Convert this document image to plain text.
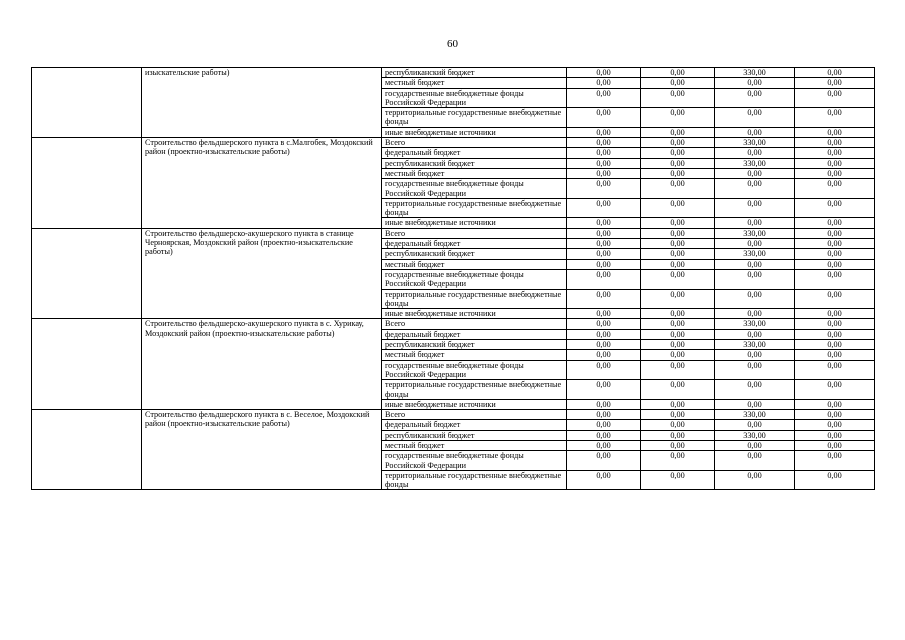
60
	изыскательские работы)	республиканский бюджет	0,00	0,00	330,00	0,00
		местный бюджет	0,00	0,00	0,00	0,00
		государственные внебюджетные фонды Российской Федерации	0,00	0,00	0,00	0,00
		территориальные государственные внебюджетные фонды	0,00	0,00	0,00	0,00
		иные внебюджетные источники	0,00	0,00	0,00	0,00
	Строительство фельдшерского пункта в с.Малгобек, Моздокский район (проектно-изыскательские работы)	Всего	0,00	0,00	330,00	0,00
		федеральный бюджет	0,00	0,00	0,00	0,00
		республиканский бюджет	0,00	0,00	330,00	0,00
		местный бюджет	0,00	0,00	0,00	0,00
		государственные внебюджетные фонды Российской Федерации	0,00	0,00	0,00	0,00
		территориальные государственные внебюджетные фонды	0,00	0,00	0,00	0,00
		иные внебюджетные источники	0,00	0,00	0,00	0,00
	Строительство фельдшерско-акушерского пункта в станице Черноярская, Моздокский район (проектно-изыскательские работы)	Всего	0,00	0,00	330,00	0,00
		федеральный бюджет	0,00	0,00	0,00	0,00
		республиканский бюджет	0,00	0,00	330,00	0,00
		местный бюджет	0,00	0,00	0,00	0,00
		государственные внебюджетные фонды Российской Федерации	0,00	0,00	0,00	0,00
		территориальные государственные внебюджетные фонды	0,00	0,00	0,00	0,00
		иные внебюджетные источники	0,00	0,00	0,00	0,00
	Строительство фельдшерско-акушерского пункта в с. Хурикау, Моздокский район (проектно-изыскательские работы)	Всего	0,00	0,00	330,00	0,00
		федеральный бюджет	0,00	0,00	0,00	0,00
		республиканский бюджет	0,00	0,00	330,00	0,00
		местный бюджет	0,00	0,00	0,00	0,00
		государственные внебюджетные фонды Российской Федерации	0,00	0,00	0,00	0,00
		территориальные государственные внебюджетные фонды	0,00	0,00	0,00	0,00
		иные внебюджетные источники	0,00	0,00	0,00	0,00
	Строительство фельдшерского пункта в с. Веселое, Моздокский район (проектно-изыскательские работы)	Всего	0,00	0,00	330,00	0,00
		федеральный бюджет	0,00	0,00	0,00	0,00
		республиканский бюджет	0,00	0,00	330,00	0,00
		местный бюджет	0,00	0,00	0,00	0,00
		государственные внебюджетные фонды Российской Федерации	0,00	0,00	0,00	0,00
		территориальные государственные внебюджетные фонды	0,00	0,00	0,00	0,00
